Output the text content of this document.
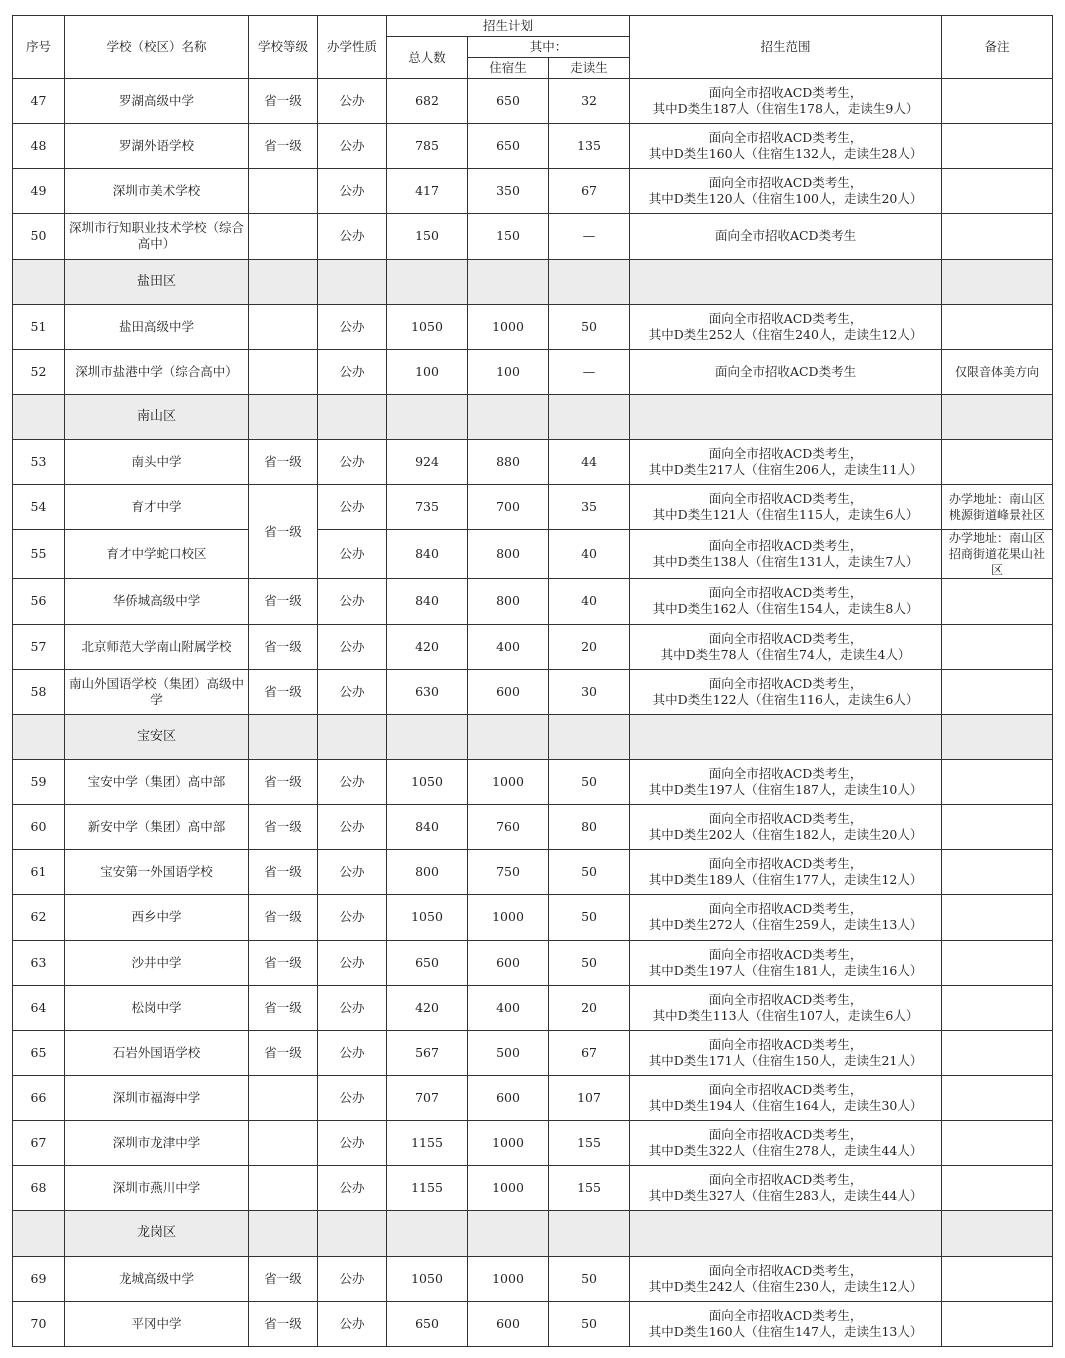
序号	学校（校区）名称	学校等级	办学性质	招生计划			招生范围	备注
				总人数	其中：			
					住宿生	走读生		
47	罗湖高级中学	省一级	公办	682	650	32	面向全市招收ACD类考生，
其中D类生187人（住宿生178人，走读生9人）	

48	罗湖外语学校	省一级	公办	785	650	135	面向全市招收ACD类考生，
其中D类生160人（住宿生132人，走读生28人）	

49	深圳市美术学校		公办	417	350	67	面向全市招收ACD类考生，
其中D类生120人（住宿生100人，走读生20人）	

50	深圳市行知职业技术学校（综合高中）		公办	150	150	—	面向全市招收ACD类考生	

	盐田区							
51	盐田高级中学		公办	1050	1000	50	面向全市招收ACD类考生，
其中D类生252人（住宿生240人，走读生12人）	

52	深圳市盐港中学（综合高中）		公办	100	100	—	面向全市招收ACD类考生	仅限音体美方向
	南山区							
53	南头中学	省一级	公办	924	880	44	面向全市招收ACD类考生，
其中D类生217人（住宿生206人，走读生11人）	

54	育才中学	省一级	公办	735	700	35	面向全市招收ACD类考生，
其中D类生121人（住宿生115人，走读生6人）	办学地址：南山区桃源街道峰景社区
55	育才中学蛇口校区		公办	840	800	40	面向全市招收ACD类考生，
其中D类生138人（住宿生131人，走读生7人）	办学地址：南山区招商街道花果山社区
56	华侨城高级中学	省一级	公办	840	800	40	面向全市招收ACD类考生，
其中D类生162人（住宿生154人，走读生8人）	

57	北京师范大学南山附属学校	省一级	公办	420	400	20	面向全市招收ACD类考生，
其中D类生78人（住宿生74人，走读生4人）	

58	南山外国语学校（集团）高级中学	省一级	公办	630	600	30	面向全市招收ACD类考生，
其中D类生122人（住宿生116人，走读生6人）	

	宝安区							
59	宝安中学（集团）高中部	省一级	公办	1050	1000	50	面向全市招收ACD类考生，
其中D类生197人（住宿生187人，走读生10人）	

60	新安中学（集团）高中部	省一级	公办	840	760	80	面向全市招收ACD类考生，
其中D类生202人（住宿生182人，走读生20人）	

61	宝安第一外国语学校	省一级	公办	800	750	50	面向全市招收ACD类考生，
其中D类生189人（住宿生177人，走读生12人）	

62	西乡中学	省一级	公办	1050	1000	50	面向全市招收ACD类考生，
其中D类生272人（住宿生259人，走读生13人）	

63	沙井中学	省一级	公办	650	600	50	面向全市招收ACD类考生，
其中D类生197人（住宿生181人，走读生16人）	

64	松岗中学	省一级	公办	420	400	20	面向全市招收ACD类考生，
其中D类生113人（住宿生107人，走读生6人）	

65	石岩外国语学校	省一级	公办	567	500	67	面向全市招收ACD类考生，
其中D类生171人（住宿生150人，走读生21人）	

66	深圳市福海中学		公办	707	600	107	面向全市招收ACD类考生，
其中D类生194人（住宿生164人，走读生30人）	

67	深圳市龙津中学		公办	1155	1000	155	面向全市招收ACD类考生，
其中D类生322人（住宿生278人，走读生44人）	

68	深圳市燕川中学		公办	1155	1000	155	面向全市招收ACD类考生，
其中D类生327人（住宿生283人，走读生44人）	

	龙岗区							
69	龙城高级中学	省一级	公办	1050	1000	50	面向全市招收ACD类考生，
其中D类生242人（住宿生230人，走读生12人）	

70	平冈中学	省一级	公办	650	600	50	面向全市招收ACD类考生，
其中D类生160人（住宿生147人，走读生13人）	
